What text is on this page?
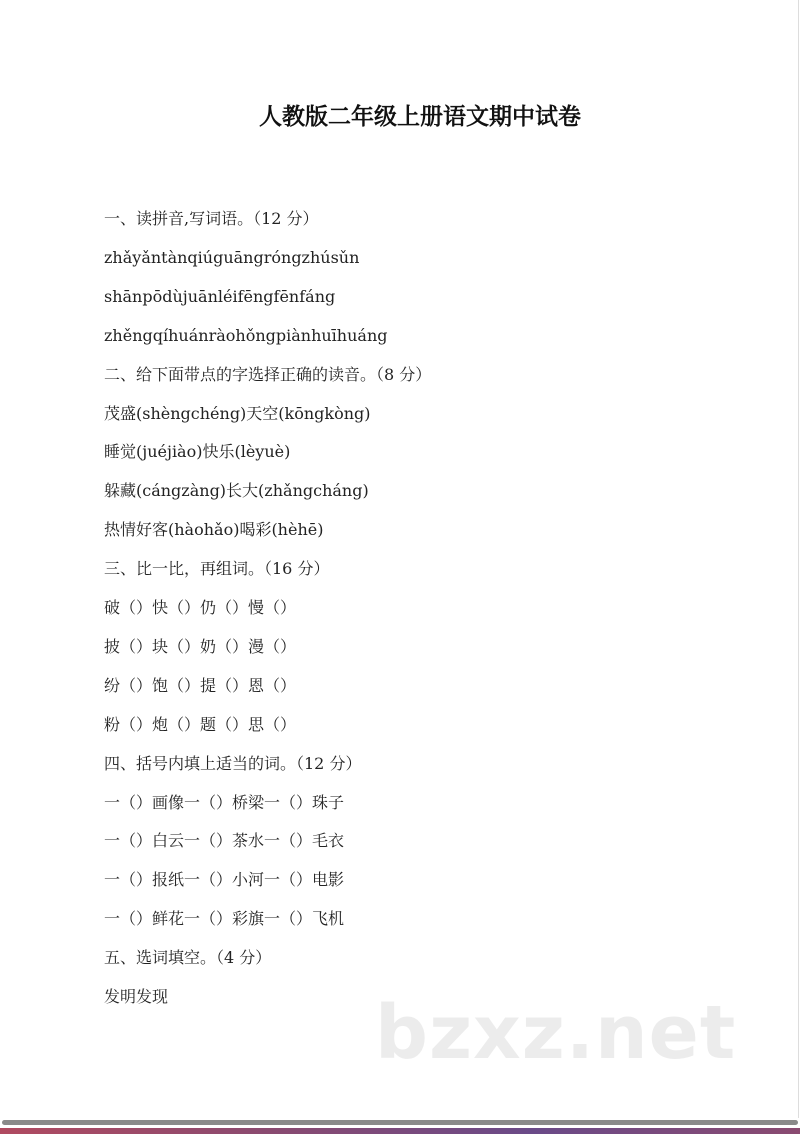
人教版二年级上册语文期中试卷
一、读拼音,写词语。（12 分）
zhǎyǎntànqiúguāngróngzhúsǔn
shānpōdùjuānléifēngfēnfáng
zhěngqíhuánràohǒngpiànhuīhuáng
二、给下面带点的字选择正确的读音。（8 分）
茂盛(shèngchéng)天空(kōngkòng)
睡觉(juéjiào)快乐(lèyuè)
躲藏(cángzàng)长大(zhǎngcháng)
热情好客(hàohǎo)喝彩(hèhē)
三、比一比，再组词。（16 分）
破（）快（）仍（）慢（）
披（）块（）奶（）漫（）
纷（）饱（）提（）恩（）
粉（）炮（）题（）思（）
四、括号内填上适当的词。（12 分）
一（）画像一（）桥梁一（）珠子
一（）白云一（）茶水一（）毛衣
一（）报纸一（）小河一（）电影
一（）鲜花一（）彩旗一（）飞机
五、选词填空。（4 分）
发明发现	bzxz.net
